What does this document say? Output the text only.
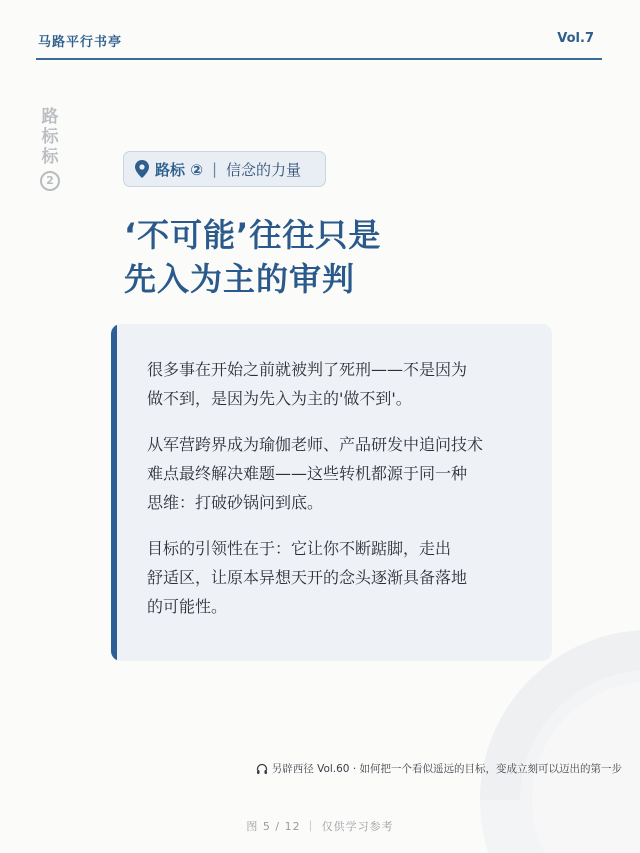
马路平行书亭	Vol.7
路
标
标
2
路标 ② | 信念的力量
‘不可能’往往只是
先入为主的审判

很多事在开始之前就被判了死刑——不是因为
做不到，是因为先入为主的'做不到'。

从军营跨界成为瑜伽老师、产品研发中追问技术
难点最终解决难题——这些转机都源于同一种
思维：打破砂锅问到底。

目标的引领性在于：它让你不断踮脚，走出
舒适区，让原本异想天开的念头逐渐具备落地
的可能性。

另辟西径 Vol.60 · 如何把一个看似遥远的目标，变成立刻可以迈出的第一步
图 5 / 12 ｜ 仅供学习参考
